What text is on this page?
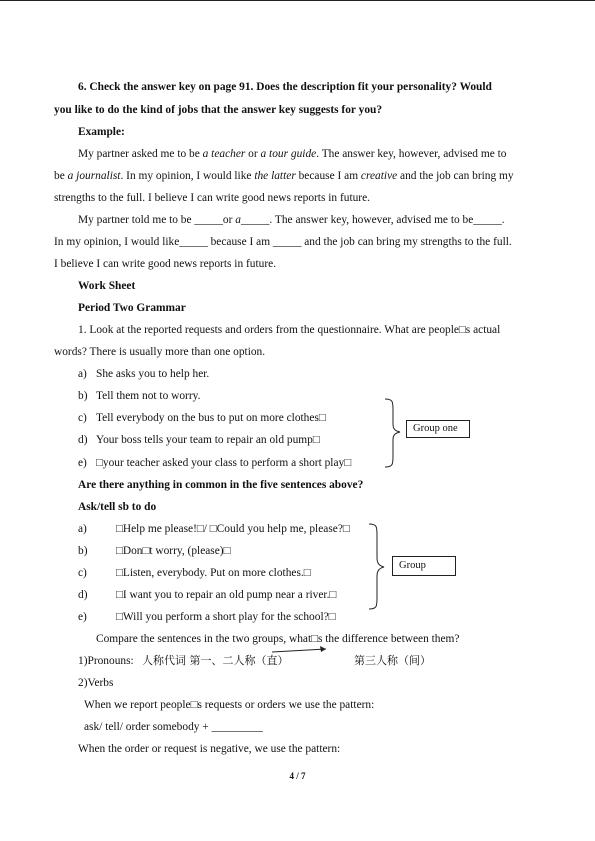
6. Check the answer key on page 91. Does the description fit your personality? Would
you like to do the kind of jobs that the answer key suggests for you?
Example:
My partner asked me to be a teacher or a tour guide. The answer key, however, advised me to
be a journalist. In my opinion, I would like the latter because I am creative and the job can bring my
strengths to the full. I believe I can write good news reports in future.
My partner told me to be _____or a_____. The answer key, however, advised me to be_____.
In my opinion, I would like_____ because I am _____ and the job can bring my strengths to the full.
I believe I can write good news reports in future.
Work Sheet
Period Two Grammar
1. Look at the reported requests and orders from the questionnaire. What are people□s actual
words? There is usually more than one option.
a) She asks you to help her.
b) Tell them not to worry.
c) Tell everybody on the bus to put on more clothes□
d) Your boss tells your team to repair an old pump□
e) □your teacher asked your class to perform a short play□
Group one
Are there anything in common in the five sentences above?
Ask/tell sb to do
a)	□Help me please!□/ □Could you help me, please?□
b)	□Don□t worry, (please)□
c)	□Listen, everybody. Put on more clothes.□
d)	□I want you to repair an old pump near a river.□
e)	□Will you perform a short play for the school?□
Group
Compare the sentences in the two groups, what□s the difference between them?
1)Pronouns: 人称代词 第一、二人称（直）	第三人称（间）
2)Verbs
When we report people□s requests or orders we use the pattern:
ask/ tell/ order somebody + _________
When the order or request is negative, we use the pattern:
4 / 7
